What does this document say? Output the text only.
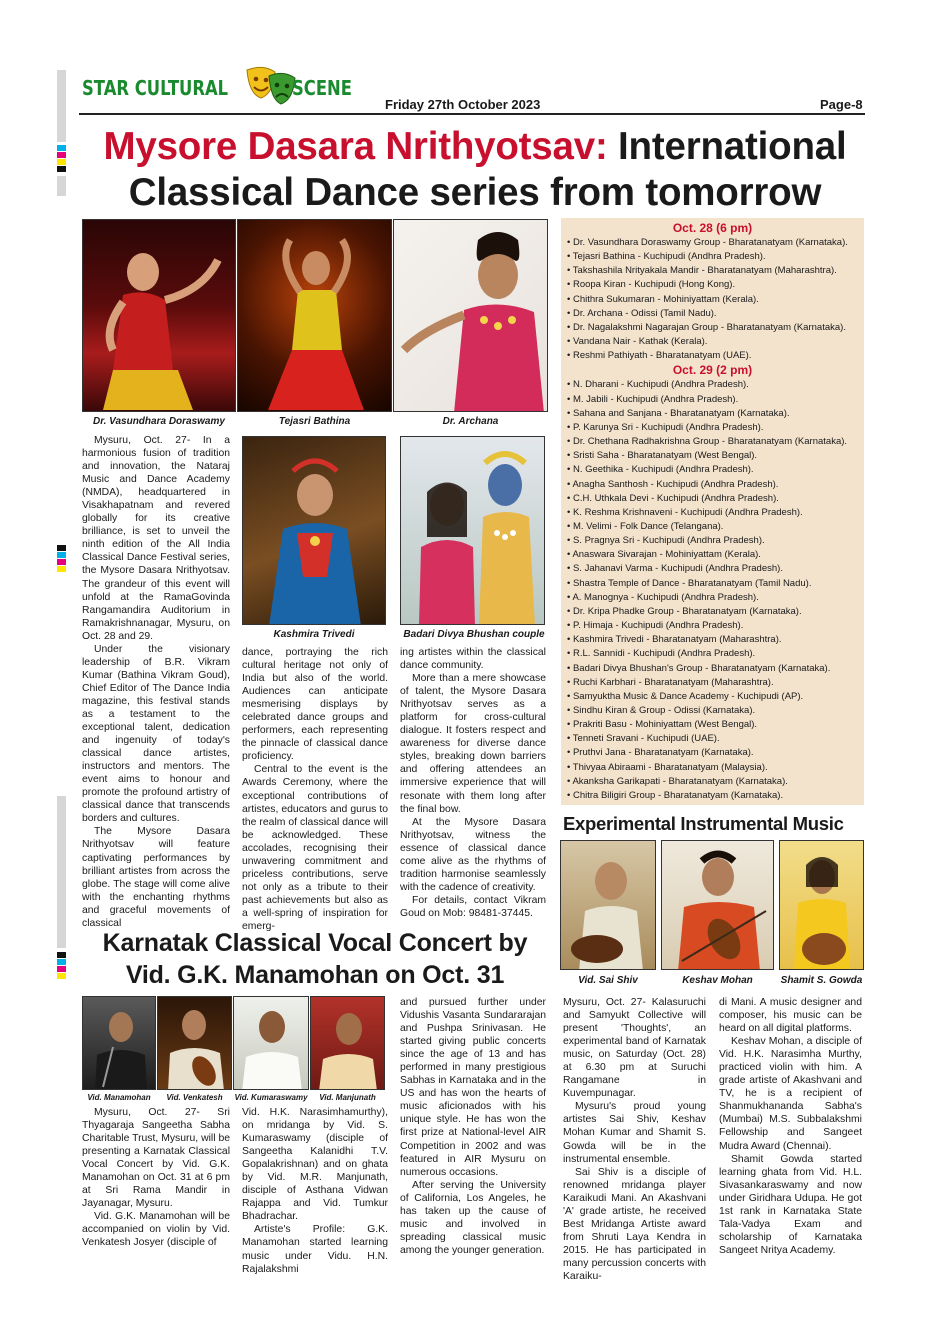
STAR CULTURAL	SCENE
Friday 27th October 2023	Page-8
Mysore Dasara Nrithyotsav: International
Classical Dance series from tomorrow
Dr. Vasundhara Doraswamy	Tejasri Bathina	Dr. Archana
Kashmira Trivedi	Badari Divya Bhushan couple

Mysuru, Oct. 27- In a harmonious fusion of tradition and innovation, the Nataraj Music and Dance Academy (NMDA), headquartered in Visakhapatnam and revered globally for its creative brilliance, is set to unveil the ninth edition of the All India Classical Dance Festival series, the Mysore Dasara Nrithyotsav. The grandeur of this event will unfold at the RamaGovinda Rangamandira Auditorium in Ramakrishnanagar, Mysuru, on Oct. 28 and 29.

Under the visionary leadership of B.R. Vikram Kumar (Bathina Vikram Goud), Chief Editor of The Dance India magazine, this festival stands as a testament to the exceptional talent, dedication and ingenuity of today's classical dance artistes, instructors and mentors. The event aims to honour and promote the profound artistry of classical dance that transcends borders and cultures.

The Mysore Dasara Nrithyotsav will feature captivating performances by brilliant artistes from across the globe. The stage will come alive with the enchanting rhythms and graceful movements of classical

dance, portraying the rich cultural heritage not only of India but also of the world. Audiences can anticipate mesmerising displays by celebrated dance groups and performers, each representing the pinnacle of classical dance proficiency.

Central to the event is the Awards Ceremony, where the exceptional contributions of artistes, educators and gurus to the realm of classical dance will be acknowledged. These accolades, recognising their unwavering commitment and priceless contributions, serve not only as a tribute to their past achievements but also as a well-spring of inspiration for emerg-

ing artistes within the classical dance community.

More than a mere showcase of talent, the Mysore Dasara Nrithyotsav serves as a platform for cross-cultural dialogue. It fosters respect and awareness for diverse dance styles, breaking down barriers and offering attendees an immersive experience that will resonate with them long after the final bow.

At the Mysore Dasara Nrithyotsav, witness the essence of classical dance come alive as the rhythms of tradition harmonise seamlessly with the cadence of creativity.

For details, contact Vikram Goud on Mob: 98481-37445.

Oct. 28 (6 pm)
• Dr. Vasundhara Doraswamy Group - Bharatanatyam (Karnataka).
• Tejasri Bathina - Kuchipudi (Andhra Pradesh).
• Takshashila Nrityakala Mandir - Bharatanatyam (Maharashtra).
• Roopa Kiran - Kuchipudi (Hong Kong).
• Chithra Sukumaran - Mohiniyattam (Kerala).
• Dr. Archana - Odissi (Tamil Nadu).
• Dr. Nagalakshmi Nagarajan Group - Bharatanatyam (Karnataka).
• Vandana Nair - Kathak (Kerala).
• Reshmi Pathiyath - Bharatanatyam (UAE).
Oct. 29 (2 pm)
• N. Dharani - Kuchipudi (Andhra Pradesh).
• M. Jabili - Kuchipudi (Andhra Pradesh).
• Sahana and Sanjana - Bharatanatyam (Karnataka).
• P. Karunya Sri - Kuchipudi (Andhra Pradesh).
• Dr. Chethana Radhakrishna Group - Bharatanatyam (Karnataka).
• Sristi Saha - Bharatanatyam (West Bengal).
• N. Geethika - Kuchipudi (Andhra Pradesh).
• Anagha Santhosh - Kuchipudi (Andhra Pradesh).
• C.H. Uthkala Devi - Kuchipudi (Andhra Pradesh).
• K. Reshma Krishnaveni - Kuchipudi (Andhra Pradesh).
• M. Velimi - Folk Dance (Telangana).
• S. Pragnya Sri - Kuchipudi (Andhra Pradesh).
• Anaswara Sivarajan - Mohiniyattam (Kerala).
• S. Jahanavi Varma - Kuchipudi (Andhra Pradesh).
• Shastra Temple of Dance - Bharatanatyam (Tamil Nadu).
• A. Manognya - Kuchipudi (Andhra Pradesh).
• Dr. Kripa Phadke Group - Bharatanatyam (Karnataka).
• P. Himaja - Kuchipudi (Andhra Pradesh).
• Kashmira Trivedi - Bharatanatyam (Maharashtra).
• R.L. Sannidi - Kuchipudi (Andhra Pradesh).
• Badari Divya Bhushan's Group - Bharatanatyam (Karnataka).
• Ruchi Karbhari - Bharatanatyam (Maharashtra).
• Samyuktha Music & Dance Academy - Kuchipudi (AP).
• Sindhu Kiran & Group - Odissi (Karnataka).
• Prakriti Basu - Mohiniyattam (West Bengal).
• Tenneti Sravani - Kuchipudi (UAE).
• Pruthvi Jana - Bharatanatyam (Karnataka).
• Thivyaa Abiraami - Bharatanatyam (Malaysia).
• Akanksha Garikapati - Bharatanatyam (Karnataka).
• Chitra Biligiri Group - Bharatanatyam (Karnataka).
Experimental Instrumental Music
Vid. Sai Shiv	Keshav Mohan	Shamit S. Gowda

Mysuru, Oct. 27- Kalasuruchi and Samyukt Collective will present 'Thoughts', an experimental band of Karnatak music, on Saturday (Oct. 28) at 6.30 pm at Suruchi Rangamane in Kuvempunagar.

Mysuru's proud young artistes Sai Shiv, Keshav Mohan Kumar and Shamit S. Gowda will be in the instrumental ensemble.

Sai Shiv is a disciple of renowned mridanga player Karaikudi Mani. An Akashvani 'A' grade artiste, he received Best Mridanga Artiste award from Shruti Laya Kendra in 2015. He has participated in many percussion concerts with Karaiku-

di Mani. A music designer and composer, his music can be heard on all digital platforms.

Keshav Mohan, a disciple of Vid. H.K. Narasimha Murthy, practiced violin with him. A grade artiste of Akashvani and TV, he is a recipient of Shanmukhananda Sabha's (Mumbai) M.S. Subbalakshmi Fellowship and Sangeet Mudra Award (Chennai).

Shamit Gowda started learning ghata from Vid. H.L. Sivasankaraswamy and now under Giridhara Udupa. He got 1st rank in Karnataka State Tala-Vadya Exam and scholarship of Karnataka Sangeet Nritya Academy.

Karnatak Classical Vocal Concert by
Vid. G.K. Manamohan on Oct. 31
Vid. Manamohan	Vid. Venkatesh	Vid. Kumaraswamy	Vid. Manjunath

Mysuru, Oct. 27- Sri Thyagaraja Sangeetha Sabha Charitable Trust, Mysuru, will be presenting a Karnatak Classical Vocal Concert by Vid. G.K. Manamohan on Oct. 31 at 6 pm at Sri Rama Mandir in Jayanagar, Mysuru.

Vid. G.K. Manamohan will be accompanied on violin by Vid. Venkatesh Josyer (disciple of

Vid. H.K. Narasimhamurthy), on mridanga by Vid. S. Kumaraswamy (disciple of Sangeetha Kalanidhi T.V. Gopalakrishnan) and on ghata by Vid. M.R. Manjunath, disciple of Asthana Vidwan Rajappa and Vid. Tumkur Bhadrachar.

Artiste's Profile: G.K. Manamohan started learning music under Vidu. H.N. Rajalakshmi

and pursued further under Vidushis Vasanta Sundararajan and Pushpa Srinivasan. He started giving public concerts since the age of 13 and has performed in many prestigious Sabhas in Karnataka and in the US and has won the hearts of music aficionados with his unique style. He has won the first prize at National-level AIR Competition in 2002 and was featured in AIR Mysuru on numerous occasions.

After serving the University of California, Los Angeles, he has taken up the cause of music and involved in spreading classical music among the younger generation.
